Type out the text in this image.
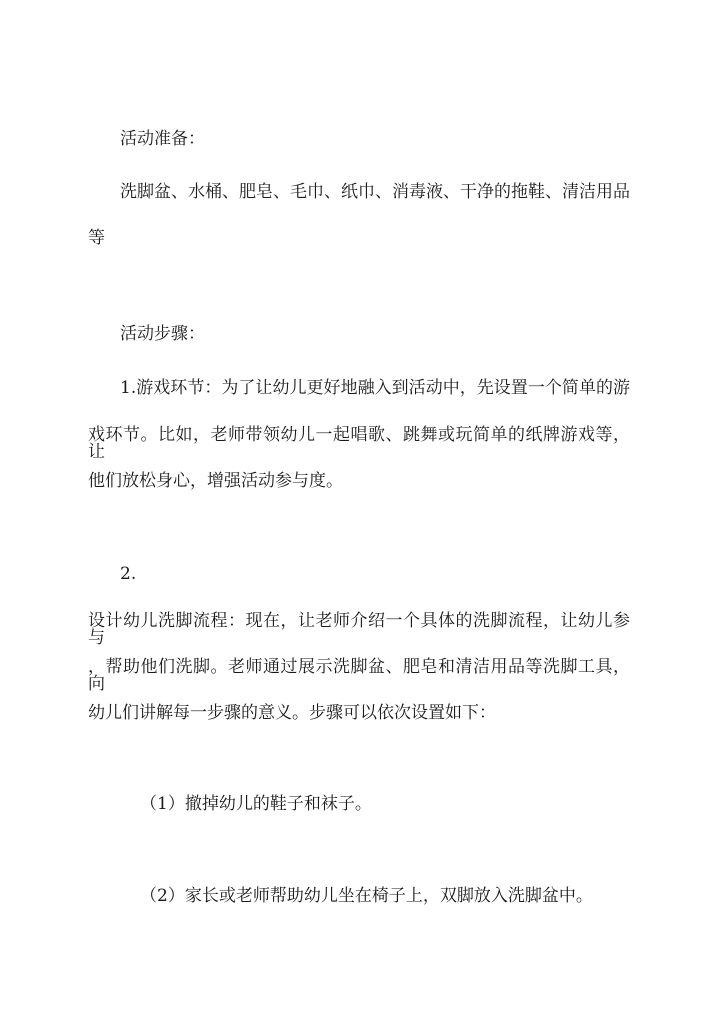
活动准备：

洗脚盆、水桶、肥皂、毛巾、纸巾、消毒液、干净的拖鞋、清洁用品

等

活动步骤：

1.游戏环节：为了让幼儿更好地融入到活动中，先设置一个简单的游

戏环节。比如，老师带领幼儿一起唱歌、跳舞或玩简单的纸牌游戏等，让

他们放松身心，增强活动参与度。

2.

设计幼儿洗脚流程：现在，让老师介绍一个具体的洗脚流程，让幼儿参与

，帮助他们洗脚。老师通过展示洗脚盆、肥皂和清洁用品等洗脚工具，向

幼儿们讲解每一步骤的意义。步骤可以依次设置如下：

（1）撤掉幼儿的鞋子和袜子。

（2）家长或老师帮助幼儿坐在椅子上，双脚放入洗脚盆中。
